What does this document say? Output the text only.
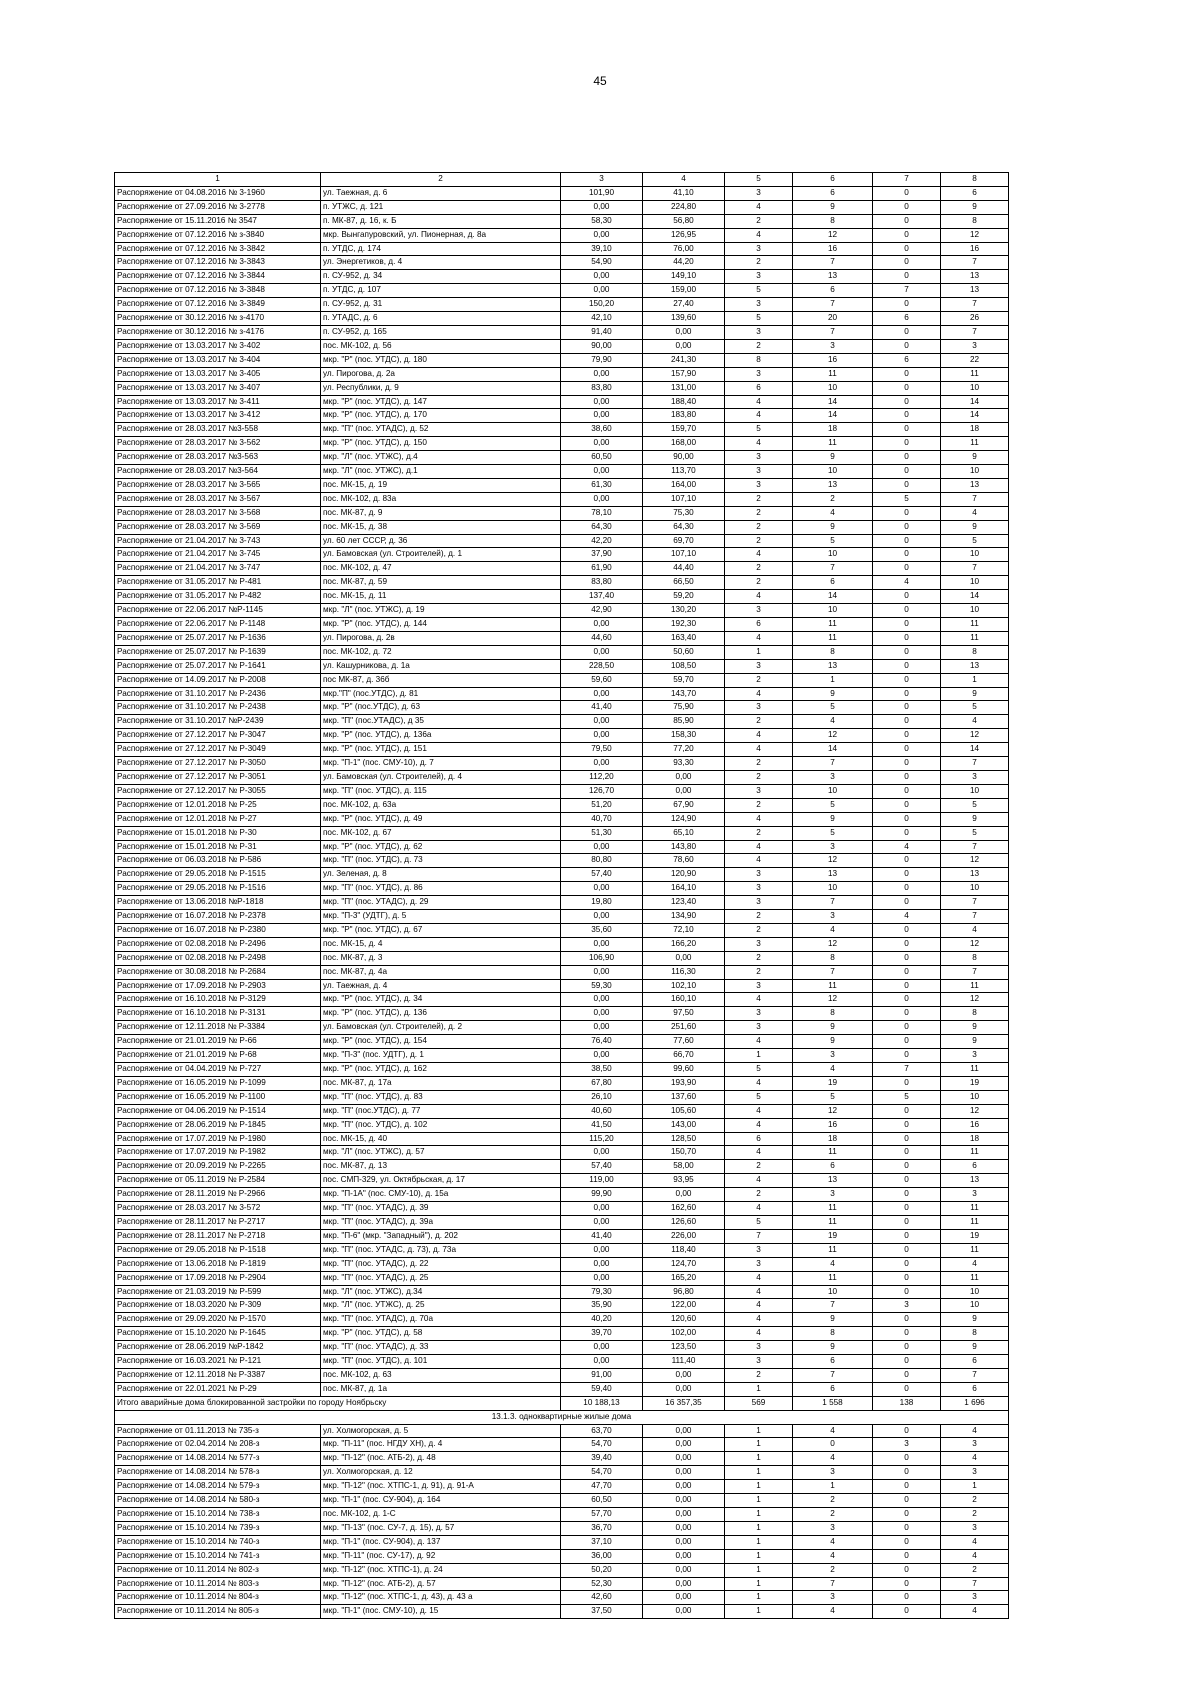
45
1	2	3	4	5	6	7	8
Распоряжение от 04.08.2016 № 3-1960	ул. Таежная, д. 6	101,90	41,10	3	6	0	6
Распоряжение от 27.09.2016 № 3-2778	п. УТЖС, д. 121	0,00	224,80	4	9	0	9
Распоряжение от 15.11.2016 № 3547	п. МК-87, д. 16, к. Б	58,30	56,80	2	8	0	8
Распоряжение от 07.12.2016 № з-3840	мкр. Вынгапуровский, ул. Пионерная, д. 8а	0,00	126,95	4	12	0	12
Распоряжение от 07.12.2016 № 3-3842	п. УТДС, д. 174	39,10	76,00	3	16	0	16
Распоряжение от 07.12.2016 № 3-3843	ул. Энергетиков, д. 4	54,90	44,20	2	7	0	7
Распоряжение от 07.12.2016 № 3-3844	п. СУ-952, д. 34	0,00	149,10	3	13	0	13
Распоряжение от 07.12.2016 № 3-3848	п. УТДС, д. 107	0,00	159,00	5	6	7	13
Распоряжение от 07.12.2016 № 3-3849	п. СУ-952, д. 31	150,20	27,40	3	7	0	7
Распоряжение от 30.12.2016 № з-4170	п. УТАДС, д. 6	42,10	139,60	5	20	6	26
Распоряжение от 30.12.2016 № з-4176	п. СУ-952, д. 165	91,40	0,00	3	7	0	7
Распоряжение от 13.03.2017 № 3-402	пос. МК-102, д. 56	90,00	0,00	2	3	0	3
Распоряжение от 13.03.2017 № 3-404	мкр. "Р" (пос. УТДС), д. 180	79,90	241,30	8	16	6	22
Распоряжение от 13.03.2017 № 3-405	ул. Пирогова, д. 2а	0,00	157,90	3	11	0	11
Распоряжение от 13.03.2017 № 3-407	ул. Республики, д. 9	83,80	131,00	6	10	0	10
Распоряжение от 13.03.2017 № 3-411	мкр. "Р" (пос. УТДС), д. 147	0,00	188,40	4	14	0	14
Распоряжение от 13.03.2017 № 3-412	мкр. "Р" (пос. УТДС), д. 170	0,00	183,80	4	14	0	14
Распоряжение от 28.03.2017 №3-558	мкр. "П" (пос. УТАДС), д. 52	38,60	159,70	5	18	0	18
Распоряжение от 28.03.2017 № 3-562	мкр. "Р" (пос. УТДС), д. 150	0,00	168,00	4	11	0	11
Распоряжение от 28.03.2017 №3-563	мкр. "Л" (пос. УТЖС), д.4	60,50	90,00	3	9	0	9
Распоряжение от 28.03.2017 №3-564	мкр. "Л" (пос. УТЖС), д.1	0,00	113,70	3	10	0	10
Распоряжение от 28.03.2017 № 3-565	пос. МК-15, д. 19	61,30	164,00	3	13	0	13
Распоряжение от 28.03.2017 № 3-567	пос. МК-102, д. 83а	0,00	107,10	2	2	5	7
Распоряжение от 28.03.2017 № 3-568	пос. МК-87, д. 9	78,10	75,30	2	4	0	4
Распоряжение от 28.03.2017 № 3-569	пос. МК-15, д. 38	64,30	64,30	2	9	0	9
Распоряжение от 21.04.2017 № 3-743	ул. 60 лет СССР, д. 36	42,20	69,70	2	5	0	5
Распоряжение от 21.04.2017 № 3-745	ул. Бамовская (ул. Строителей), д. 1	37,90	107,10	4	10	0	10
Распоряжение от 21.04.2017 № 3-747	пос. МК-102, д. 47	61,90	44,40	2	7	0	7
Распоряжение от 31.05.2017 № Р-481	пос. МК-87, д. 59	83,80	66,50	2	6	4	10
Распоряжение от 31.05.2017 № Р-482	пос. МК-15, д. 11	137,40	59,20	4	14	0	14
Распоряжение от 22.06.2017 №Р-1145	мкр. "Л" (пос. УТЖС), д. 19	42,90	130,20	3	10	0	10
Распоряжение от 22.06.2017 № Р-1148	мкр. "Р" (пос. УТДС), д. 144	0,00	192,30	6	11	0	11
Распоряжение от 25.07.2017 № Р-1636	ул. Пирогова, д. 2в	44,60	163,40	4	11	0	11
Распоряжение от 25.07.2017 № Р-1639	пос. МК-102, д. 72	0,00	50,60	1	8	0	8
Распоряжение от 25.07.2017 № Р-1641	ул. Кашурникова, д. 1а	228,50	108,50	3	13	0	13
Распоряжение от 14.09.2017 № Р-2008	пос МК-87, д. 36б	59,60	59,70	2	1	0	1
Распоряжение от 31.10.2017 № Р-2436	мкр."П" (пос.УТДС), д. 81	0,00	143,70	4	9	0	9
Распоряжение от 31.10.2017 № Р-2438	мкр. "Р" (пос.УТДС), д. 63	41,40	75,90	3	5	0	5
Распоряжение от 31.10.2017 №Р-2439	мкр. "П" (пос.УТАДС), д 35	0,00	85,90	2	4	0	4
Распоряжение от 27.12.2017 № Р-3047	мкр. "Р" (пос. УТДС), д. 136а	0,00	158,30	4	12	0	12
Распоряжение от 27.12.2017 № Р-3049	мкр. "Р" (пос. УТДС), д. 151	79,50	77,20	4	14	0	14
Распоряжение от 27.12.2017 № Р-3050	мкр. "П-1" (пос. СМУ-10), д. 7	0,00	93,30	2	7	0	7
Распоряжение от 27.12.2017 № Р-3051	ул. Бамовская (ул. Строителей), д. 4	112,20	0,00	2	3	0	3
Распоряжение от 27.12.2017 № Р-3055	мкр. "П" (пос. УТДС), д. 115	126,70	0,00	3	10	0	10
Распоряжение от 12.01.2018 № Р-25	пос. МК-102, д. 63а	51,20	67,90	2	5	0	5
Распоряжение от 12.01.2018 № Р-27	мкр. "Р" (пос. УТДС), д. 49	40,70	124,90	4	9	0	9
Распоряжение от 15.01.2018 № Р-30	пос. МК-102, д. 67	51,30	65,10	2	5	0	5
Распоряжение от 15.01.2018 № Р-31	мкр. "Р" (пос. УТДС), д. 62	0,00	143,80	4	3	4	7
Распоряжение от 06.03.2018 № Р-586	мкр. "П" (пос. УТДС), д. 73	80,80	78,60	4	12	0	12
Распоряжение от 29.05.2018 № Р-1515	ул. Зеленая, д. 8	57,40	120,90	3	13	0	13
Распоряжение от 29.05.2018 № Р-1516	мкр. "П" (пос. УТДС), д. 86	0,00	164,10	3	10	0	10
Распоряжение от 13.06.2018 №Р-1818	мкр. "П" (пос. УТАДС), д. 29	19,80	123,40	3	7	0	7
Распоряжение от 16.07.2018 № Р-2378	мкр. "П-3" (УДТГ), д. 5	0,00	134,90	2	3	4	7
Распоряжение от 16.07.2018 № Р-2380	мкр. "Р" (пос. УТДС), д. 67	35,60	72,10	2	4	0	4
Распоряжение от 02.08.2018 № Р-2496	пос. МК-15, д. 4	0,00	166,20	3	12	0	12
Распоряжение от 02.08.2018 № Р-2498	пос. МК-87, д. 3	106,90	0,00	2	8	0	8
Распоряжение от 30.08.2018 № Р-2684	пос. МК-87, д. 4а	0,00	116,30	2	7	0	7
Распоряжение от 17.09.2018 № Р-2903	ул. Таежная, д. 4	59,30	102,10	3	11	0	11
Распоряжение от 16.10.2018 № Р-3129	мкр. "Р" (пос. УТДС), д. 34	0,00	160,10	4	12	0	12
Распоряжение от 16.10.2018 № Р-3131	мкр. "Р" (пос. УТДС), д. 136	0,00	97,50	3	8	0	8
Распоряжение от 12.11.2018 № Р-3384	ул. Бамовская (ул. Строителей), д. 2	0,00	251,60	3	9	0	9
Распоряжение от 21.01.2019 № Р-66	мкр. "Р" (пос. УТДС), д. 154	76,40	77,60	4	9	0	9
Распоряжение от 21.01.2019 № Р-68	мкр. "П-3" (пос. УДТГ), д. 1	0,00	66,70	1	3	0	3
Распоряжение от 04.04.2019 № Р-727	мкр. "Р" (пос. УТДС), д. 162	38,50	99,60	5	4	7	11
Распоряжение от 16.05.2019 № Р-1099	пос. МК-87, д. 17а	67,80	193,90	4	19	0	19
Распоряжение от 16.05.2019 № Р-1100	мкр. "П" (пос. УТДС), д. 83	26,10	137,60	5	5	5	10
Распоряжение от 04.06.2019 № Р-1514	мкр. "П" (пос.УТДС), д. 77	40,60	105,60	4	12	0	12
Распоряжение от 28.06.2019 № Р-1845	мкр. "П" (пос. УТДС), д. 102	41,50	143,00	4	16	0	16
Распоряжение от 17.07.2019 № Р-1980	пос. МК-15, д. 40	115,20	128,50	6	18	0	18
Распоряжение от 17.07.2019 № Р-1982	мкр. "Л" (пос. УТЖС), д. 57	0,00	150,70	4	11	0	11
Распоряжение от 20.09.2019 № Р-2265	пос. МК-87, д. 13	57,40	58,00	2	6	0	6
Распоряжение от 05.11.2019 № Р-2584	пос. СМП-329, ул. Октябрьская, д. 17	119,00	93,95	4	13	0	13
Распоряжение от 28.11.2019 № Р-2966	мкр. "П-1А" (пос. СМУ-10), д. 15а	99,90	0,00	2	3	0	3
Распоряжение от 28.03.2017 № 3-572	мкр. "П" (пос. УТАДС), д. 39	0,00	162,60	4	11	0	11
Распоряжение от 28.11.2017 № Р-2717	мкр. "П" (пос. УТАДС), д. 39а	0,00	126,60	5	11	0	11
Распоряжение от 28.11.2017 № Р-2718	мкр. "П-6" (мкр. "Западный"), д. 202	41,40	226,00	7	19	0	19
Распоряжение от 29.05.2018 № Р-1518	мкр. "П" (пос. УТАДС, д. 73), д. 73а	0,00	118,40	3	11	0	11
Распоряжение от 13.06.2018 № Р-1819	мкр. "П" (пос. УТАДС), д. 22	0,00	124,70	3	4	0	4
Распоряжение от 17.09.2018 № Р-2904	мкр. "П" (пос. УТАДС), д. 25	0,00	165,20	4	11	0	11
Распоряжение от 21.03.2019 № Р-599	мкр. "Л" (пос. УТЖС), д.34	79,30	96,80	4	10	0	10
Распоряжение от 18.03.2020 № Р-309	мкр. "Л" (пос. УТЖС), д. 25	35,90	122,00	4	7	3	10
Распоряжение от 29.09.2020 № Р-1570	мкр. "П" (пос. УТАДС), д. 70а	40,20	120,60	4	9	0	9
Распоряжение от 15.10.2020 № Р-1645	мкр. "Р" (пос. УТДС), д. 58	39,70	102,00	4	8	0	8
Распоряжение от 28.06.2019 №Р-1842	мкр. "П" (пос. УТАДС), д. 33	0,00	123,50	3	9	0	9
Распоряжение от 16.03.2021 № Р-121	мкр. "П" (пос. УТДС), д. 101	0,00	111,40	3	6	0	6
Распоряжение от 12.11.2018 № Р-3387	пос. МК-102, д. 63	91,00	0,00	2	7	0	7
Распоряжение от 22.01.2021 № Р-29	пос. МК-87, д. 1а	59,40	0,00	1	6	0	6
Итого аварийные дома блокированной застройки по городу Ноябрьску		10 188,13	16 357,35	569	1 558	138	1 696
13.1.3. одноквартирные жилые дома							
Распоряжение от 01.11.2013 № 735-з	ул. Холмогорская, д. 5	63,70	0,00	1	4	0	4
Распоряжение от 02.04.2014 № 208-з	мкр. "П-11" (пос. НГДУ ХН), д. 4	54,70	0,00	1	0	3	3
Распоряжение от 14.08.2014 № 577-з	мкр. "П-12" (пос. АТБ-2), д. 48	39,40	0,00	1	4	0	4
Распоряжение от 14.08.2014 № 578-з	ул. Холмогорская, д. 12	54,70	0,00	1	3	0	3
Распоряжение от 14.08.2014 № 579-з	мкр. "П-12" (пос. ХТПС-1, д. 91), д. 91-А	47,70	0,00	1	1	0	1
Распоряжение от 14.08.2014 № 580-з	мкр. "П-1" (пос. СУ-904), д. 164	60,50	0,00	1	2	0	2
Распоряжение от 15.10.2014 № 738-з	пос. МК-102, д. 1-С	57,70	0,00	1	2	0	2
Распоряжение от 15.10.2014 № 739-з	мкр. "П-13" (пос. СУ-7, д. 15), д. 57	36,70	0,00	1	3	0	3
Распоряжение от 15.10.2014 № 740-з	мкр. "П-1" (пос. СУ-904), д. 137	37,10	0,00	1	4	0	4
Распоряжение от 15.10.2014 № 741-з	мкр. "П-11" (пос. СУ-17), д. 92	36,00	0,00	1	4	0	4
Распоряжение от 10.11.2014 № 802-з	мкр. "П-12" (пос. ХТПС-1), д. 24	50,20	0,00	1	2	0	2
Распоряжение от 10.11.2014 № 803-з	мкр. "П-12" (пос. АТБ-2), д. 57	52,30	0,00	1	7	0	7
Распоряжение от 10.11.2014 № 804-з	мкр. "П-12" (пос. ХТПС-1, д. 43), д. 43 а	42,60	0,00	1	3	0	3
Распоряжение от 10.11.2014 № 805-з	мкр. "П-1" (пос. СМУ-10), д. 15	37,50	0,00	1	4	0	4
